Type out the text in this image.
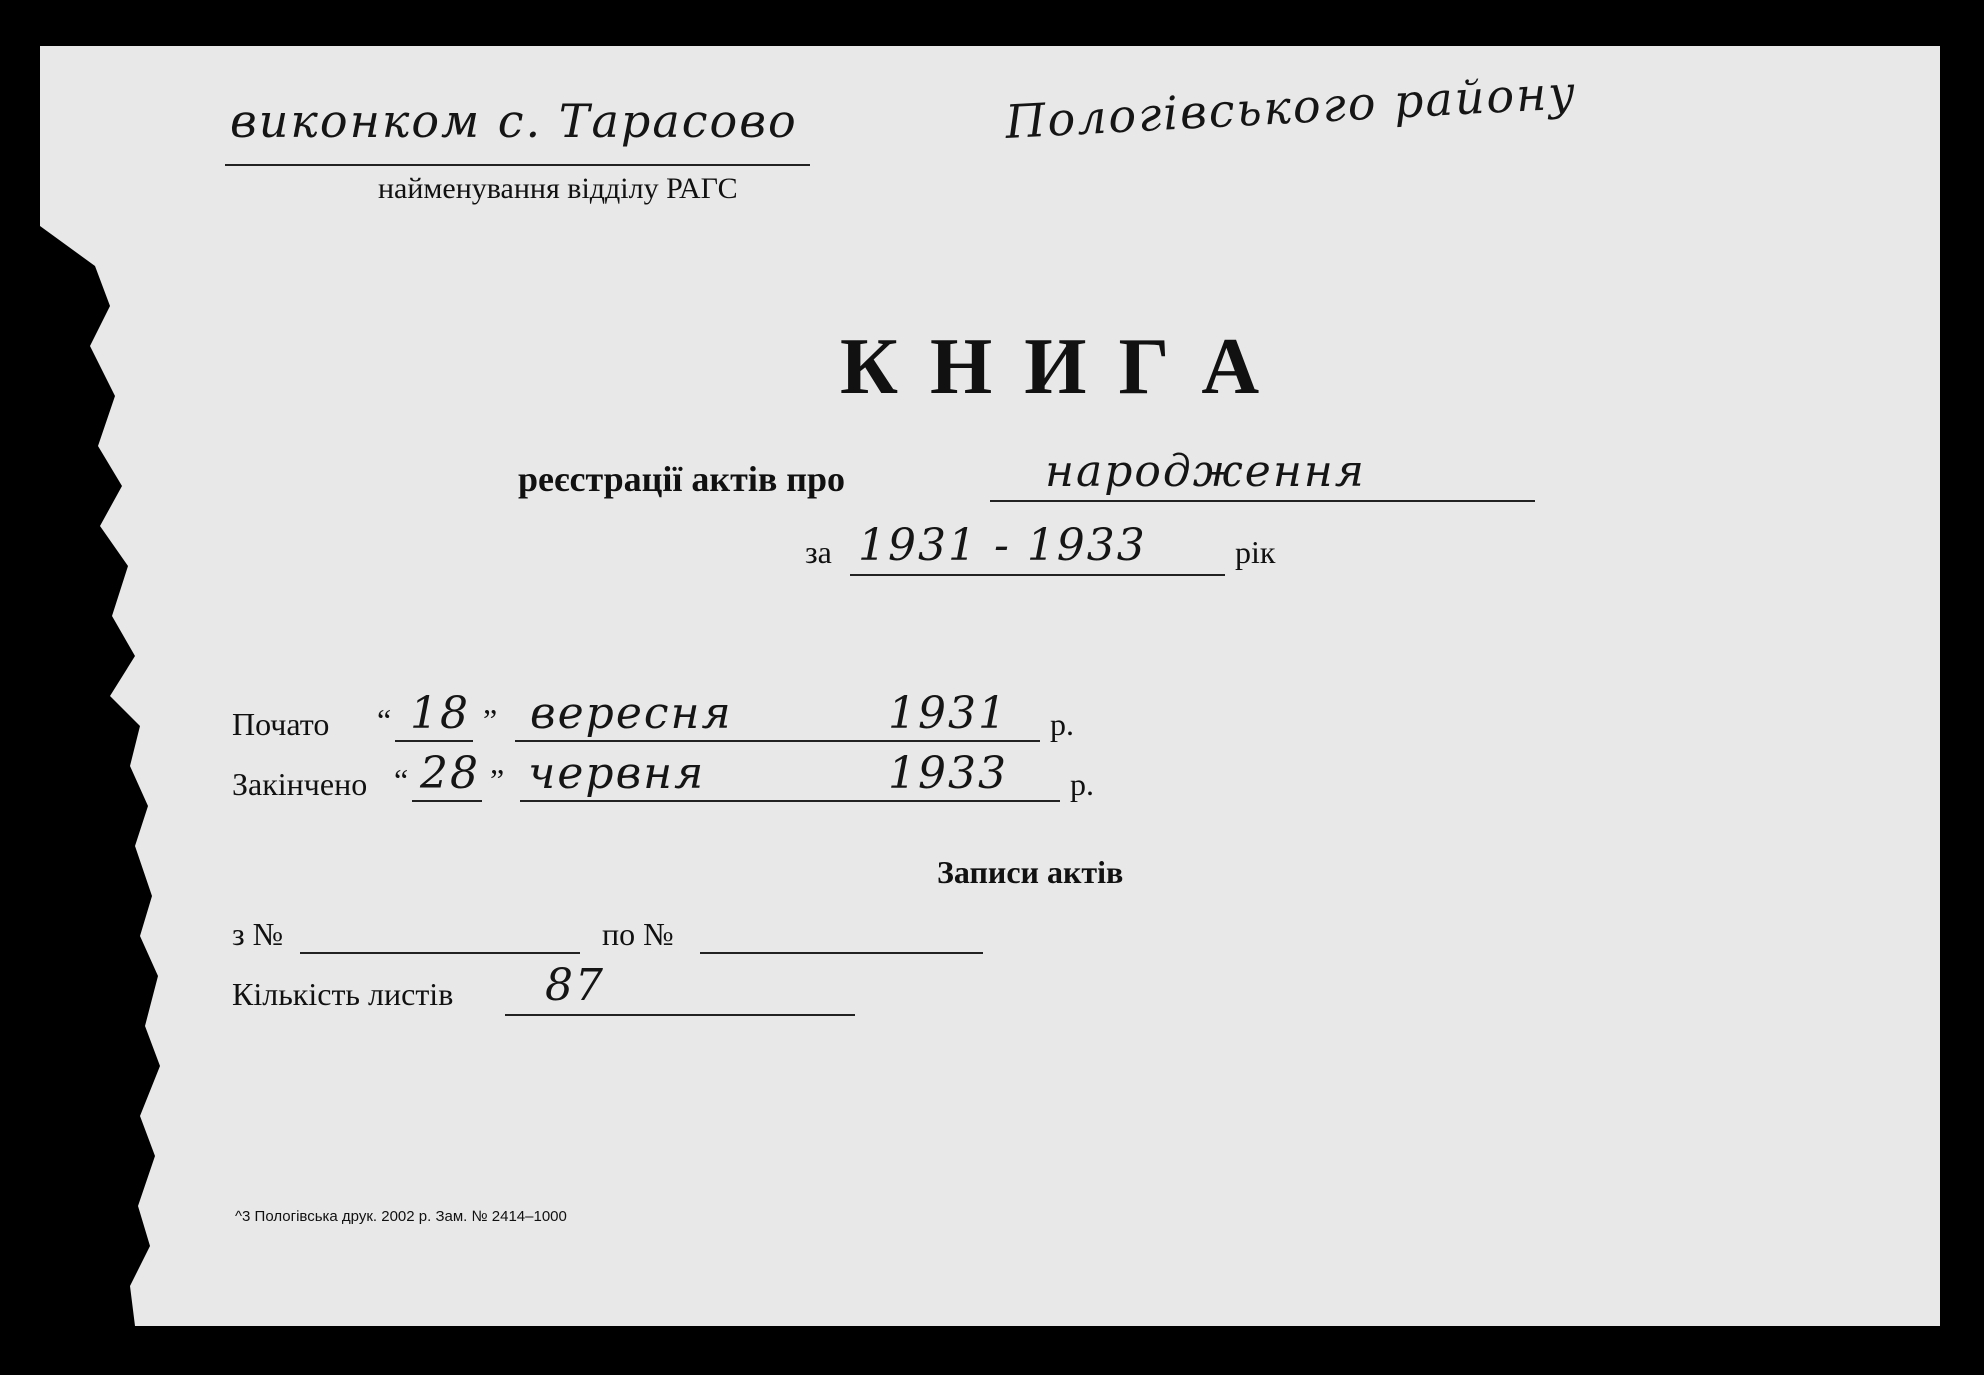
виконком с. Тарасово	Пологівського району
найменування відділу РАГС
К Н И Г А
реєстрації актів про	народження
за 1931 - 1933	рік
Почато “ 18 ” вересня	1931 р.
Закінчено “ 28 ” червня	1933 р.
Записи актів
з №	по №
Кількість листів 87
^3 Пологівська друк. 2002 р. Зам. № 2414–1000
